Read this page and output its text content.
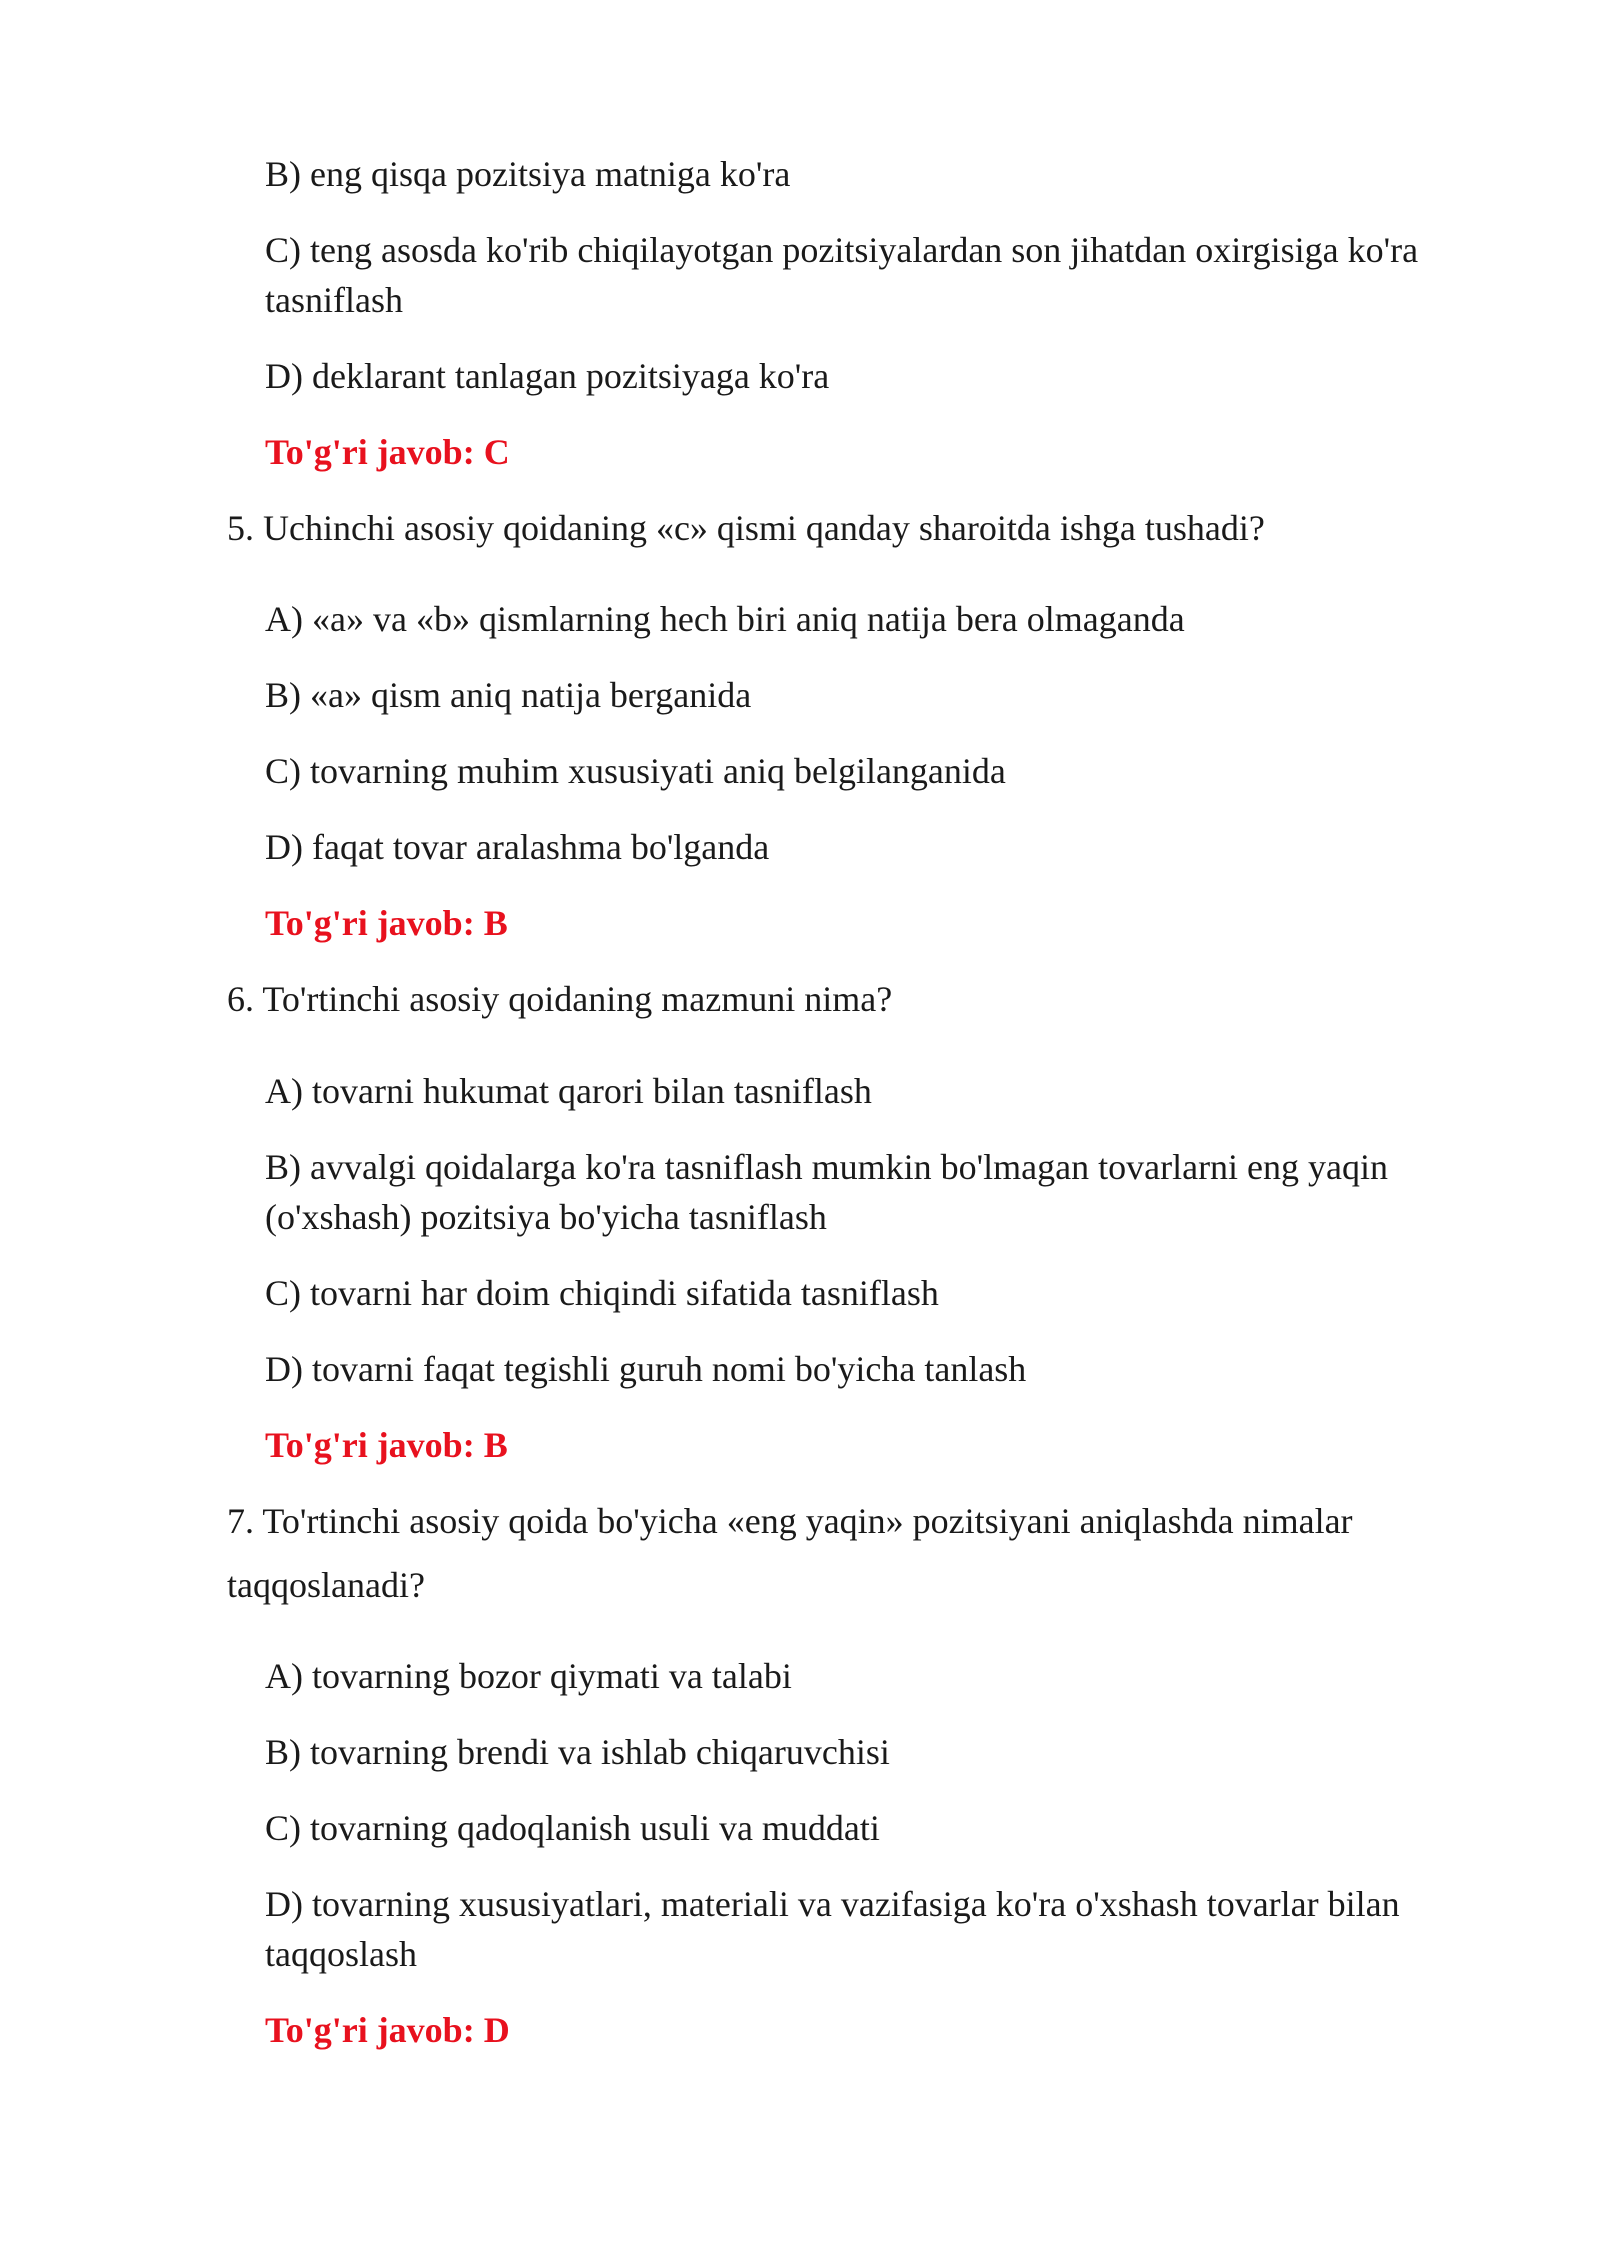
B) eng qisqa pozitsiya matniga ko'ra
C) teng asosda ko'rib chiqilayotgan pozitsiyalardan son jihatdan oxirgisiga ko'ra
tasniflash
D) deklarant tanlagan pozitsiyaga ko'ra
To'g'ri javob: C
5. Uchinchi asosiy qoidaning «c» qismi qanday sharoitda ishga tushadi?
A) «a» va «b» qismlarning hech biri aniq natija bera olmaganda
B) «a» qism aniq natija berganida
C) tovarning muhim xususiyati aniq belgilanganida
D) faqat tovar aralashma bo'lganda
To'g'ri javob: B
6. To'rtinchi asosiy qoidaning mazmuni nima?
A) tovarni hukumat qarori bilan tasniflash
B) avvalgi qoidalarga ko'ra tasniflash mumkin bo'lmagan tovarlarni eng yaqin
(o'xshash) pozitsiya bo'yicha tasniflash
C) tovarni har doim chiqindi sifatida tasniflash
D) tovarni faqat tegishli guruh nomi bo'yicha tanlash
To'g'ri javob: B
7. To'rtinchi asosiy qoida bo'yicha «eng yaqin» pozitsiyani aniqlashda nimalar
taqqoslanadi?
A) tovarning bozor qiymati va talabi
B) tovarning brendi va ishlab chiqaruvchisi
C) tovarning qadoqlanish usuli va muddati
D) tovarning xususiyatlari, materiali va vazifasiga ko'ra o'xshash tovarlar bilan
taqqoslash
To'g'ri javob: D
